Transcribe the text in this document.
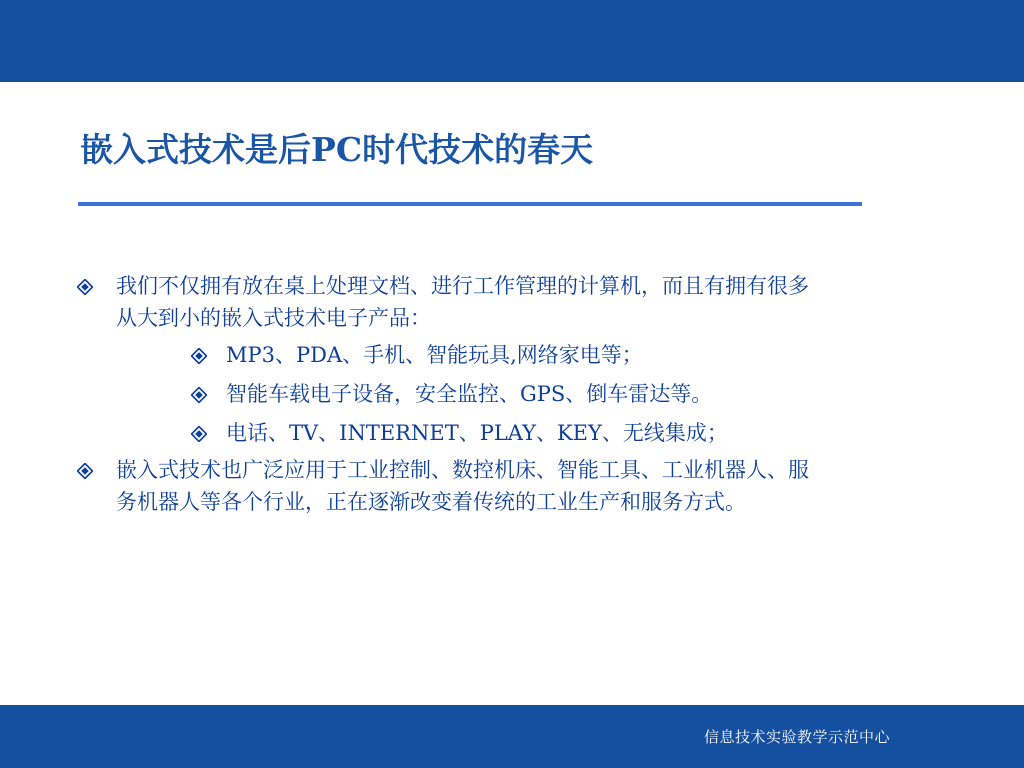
嵌入式技术是后PC时代技术的春天
我们不仅拥有放在桌上处理文档、进行工作管理的计算机，而且有拥有很多从大到小的嵌入式技术电子产品：
MP3、PDA、手机、智能玩具,网络家电等；
智能车载电子设备，安全监控、GPS、倒车雷达等。
电话、TV、INTERNET、PLAY、KEY、无线集成；
嵌入式技术也广泛应用于工业控制、数控机床、智能工具、工业机器人、服务机器人等各个行业，正在逐渐改变着传统的工业生产和服务方式。
信息技术实验教学示范中心
